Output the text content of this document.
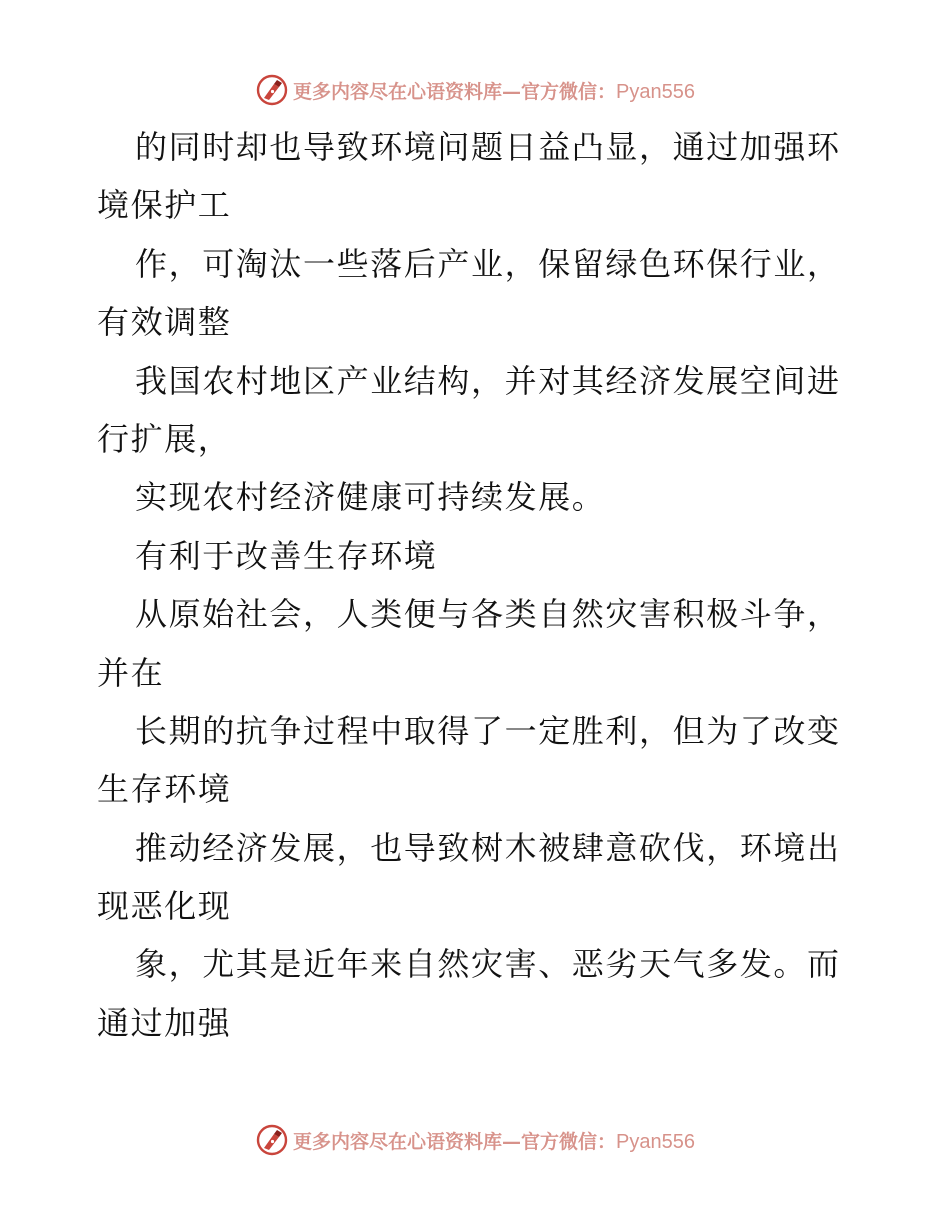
更多内容尽在心语资料库—官方微信：Pyan556
的同时却也导致环境问题日益凸显，通过加强环
境保护工
作，可淘汰一些落后产业，保留绿色环保行业，
有效调整
我国农村地区产业结构，并对其经济发展空间进
行扩展，
实现农村经济健康可持续发展。
有利于改善生存环境
从原始社会，人类便与各类自然灾害积极斗争，
并在
长期的抗争过程中取得了一定胜利，但为了改变
生存环境
推动经济发展，也导致树木被肆意砍伐，环境出
现恶化现
象，尤其是近年来自然灾害、恶劣天气多发。而
通过加强
更多内容尽在心语资料库—官方微信：Pyan556
